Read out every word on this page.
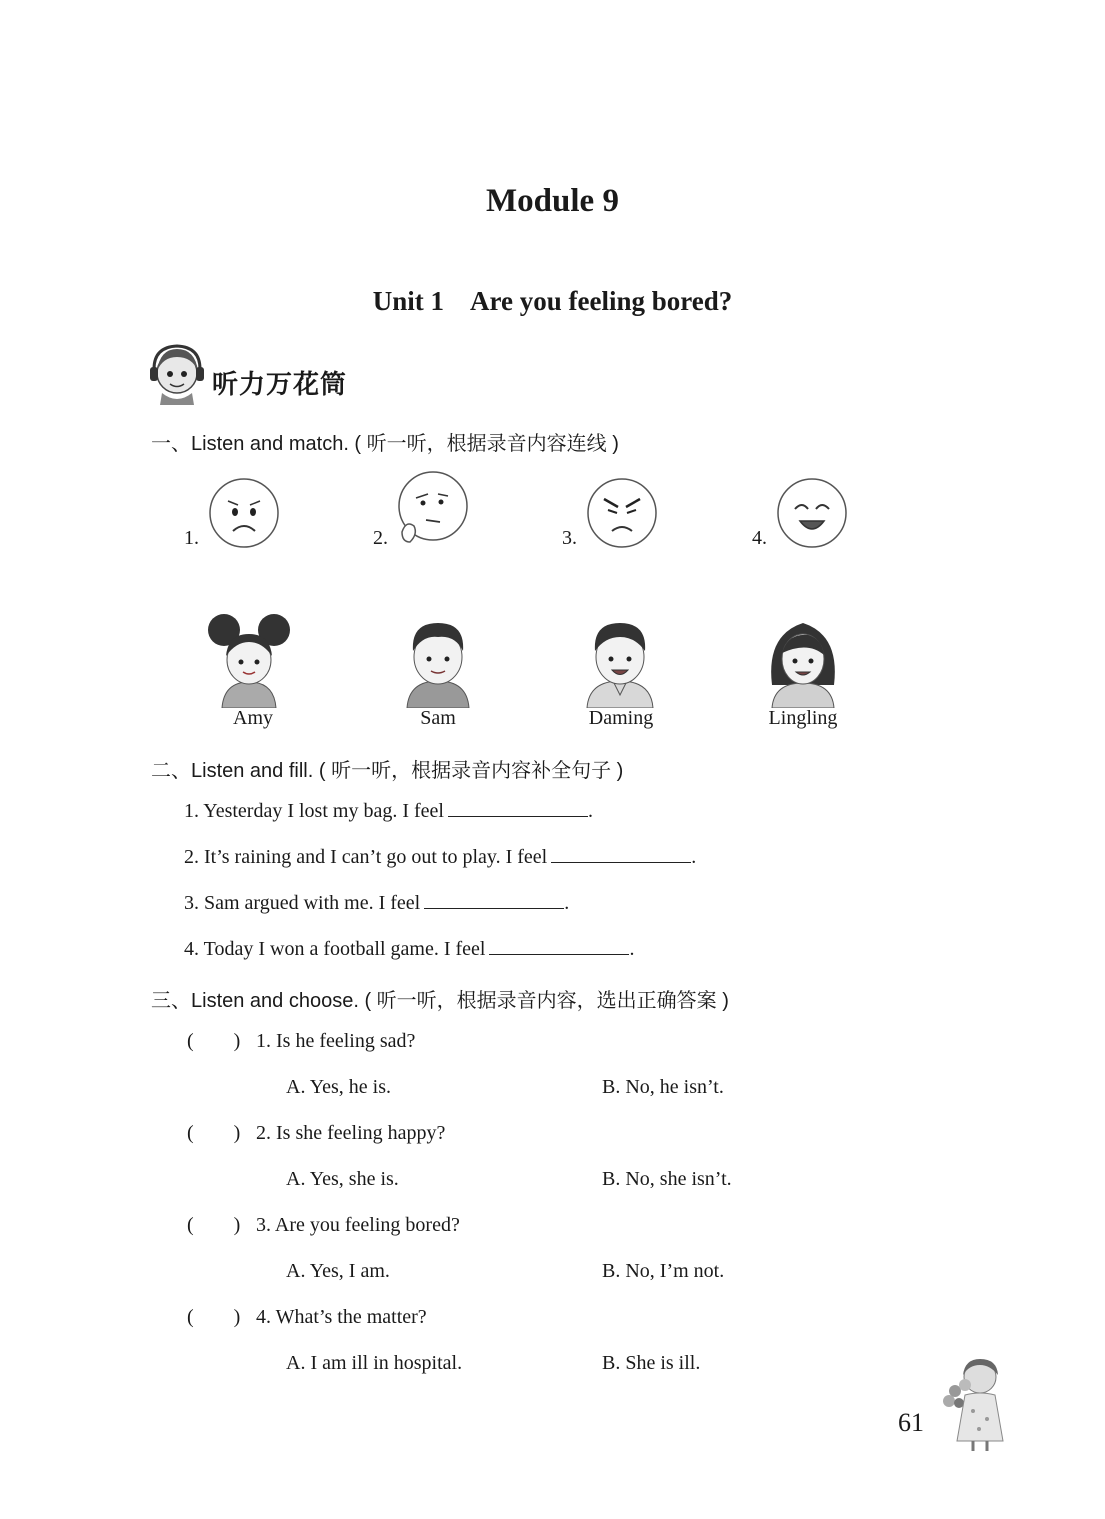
Module 9
Unit 1 Are you feeling bored?
听力万花筒
一、Listen and match. ( 听一听，根据录音内容连线 )
1.	2.	3.	4.
Amy	Sam	Daming	Lingling
二、Listen and fill. ( 听一听，根据录音内容补全句子 )
1. Yesterday I lost my bag. I feel	.
2. It’s raining and I can’t go out to play. I feel	.
3. Sam argued with me. I feel	.
4. Today I won a football game. I feel	.
三、Listen and choose. ( 听一听，根据录音内容，选出正确答案 )
(        ) 1. Is he feeling sad?
A. Yes, he is.	B. No, he isn’t.
(        ) 2. Is she feeling happy?
A. Yes, she is.	B. No, she isn’t.
(        ) 3. Are you feeling bored?
A. Yes, I am.	B. No, I’m not.
(        ) 4. What’s the matter?
A. I am ill in hospital.	B. She is ill.
61
